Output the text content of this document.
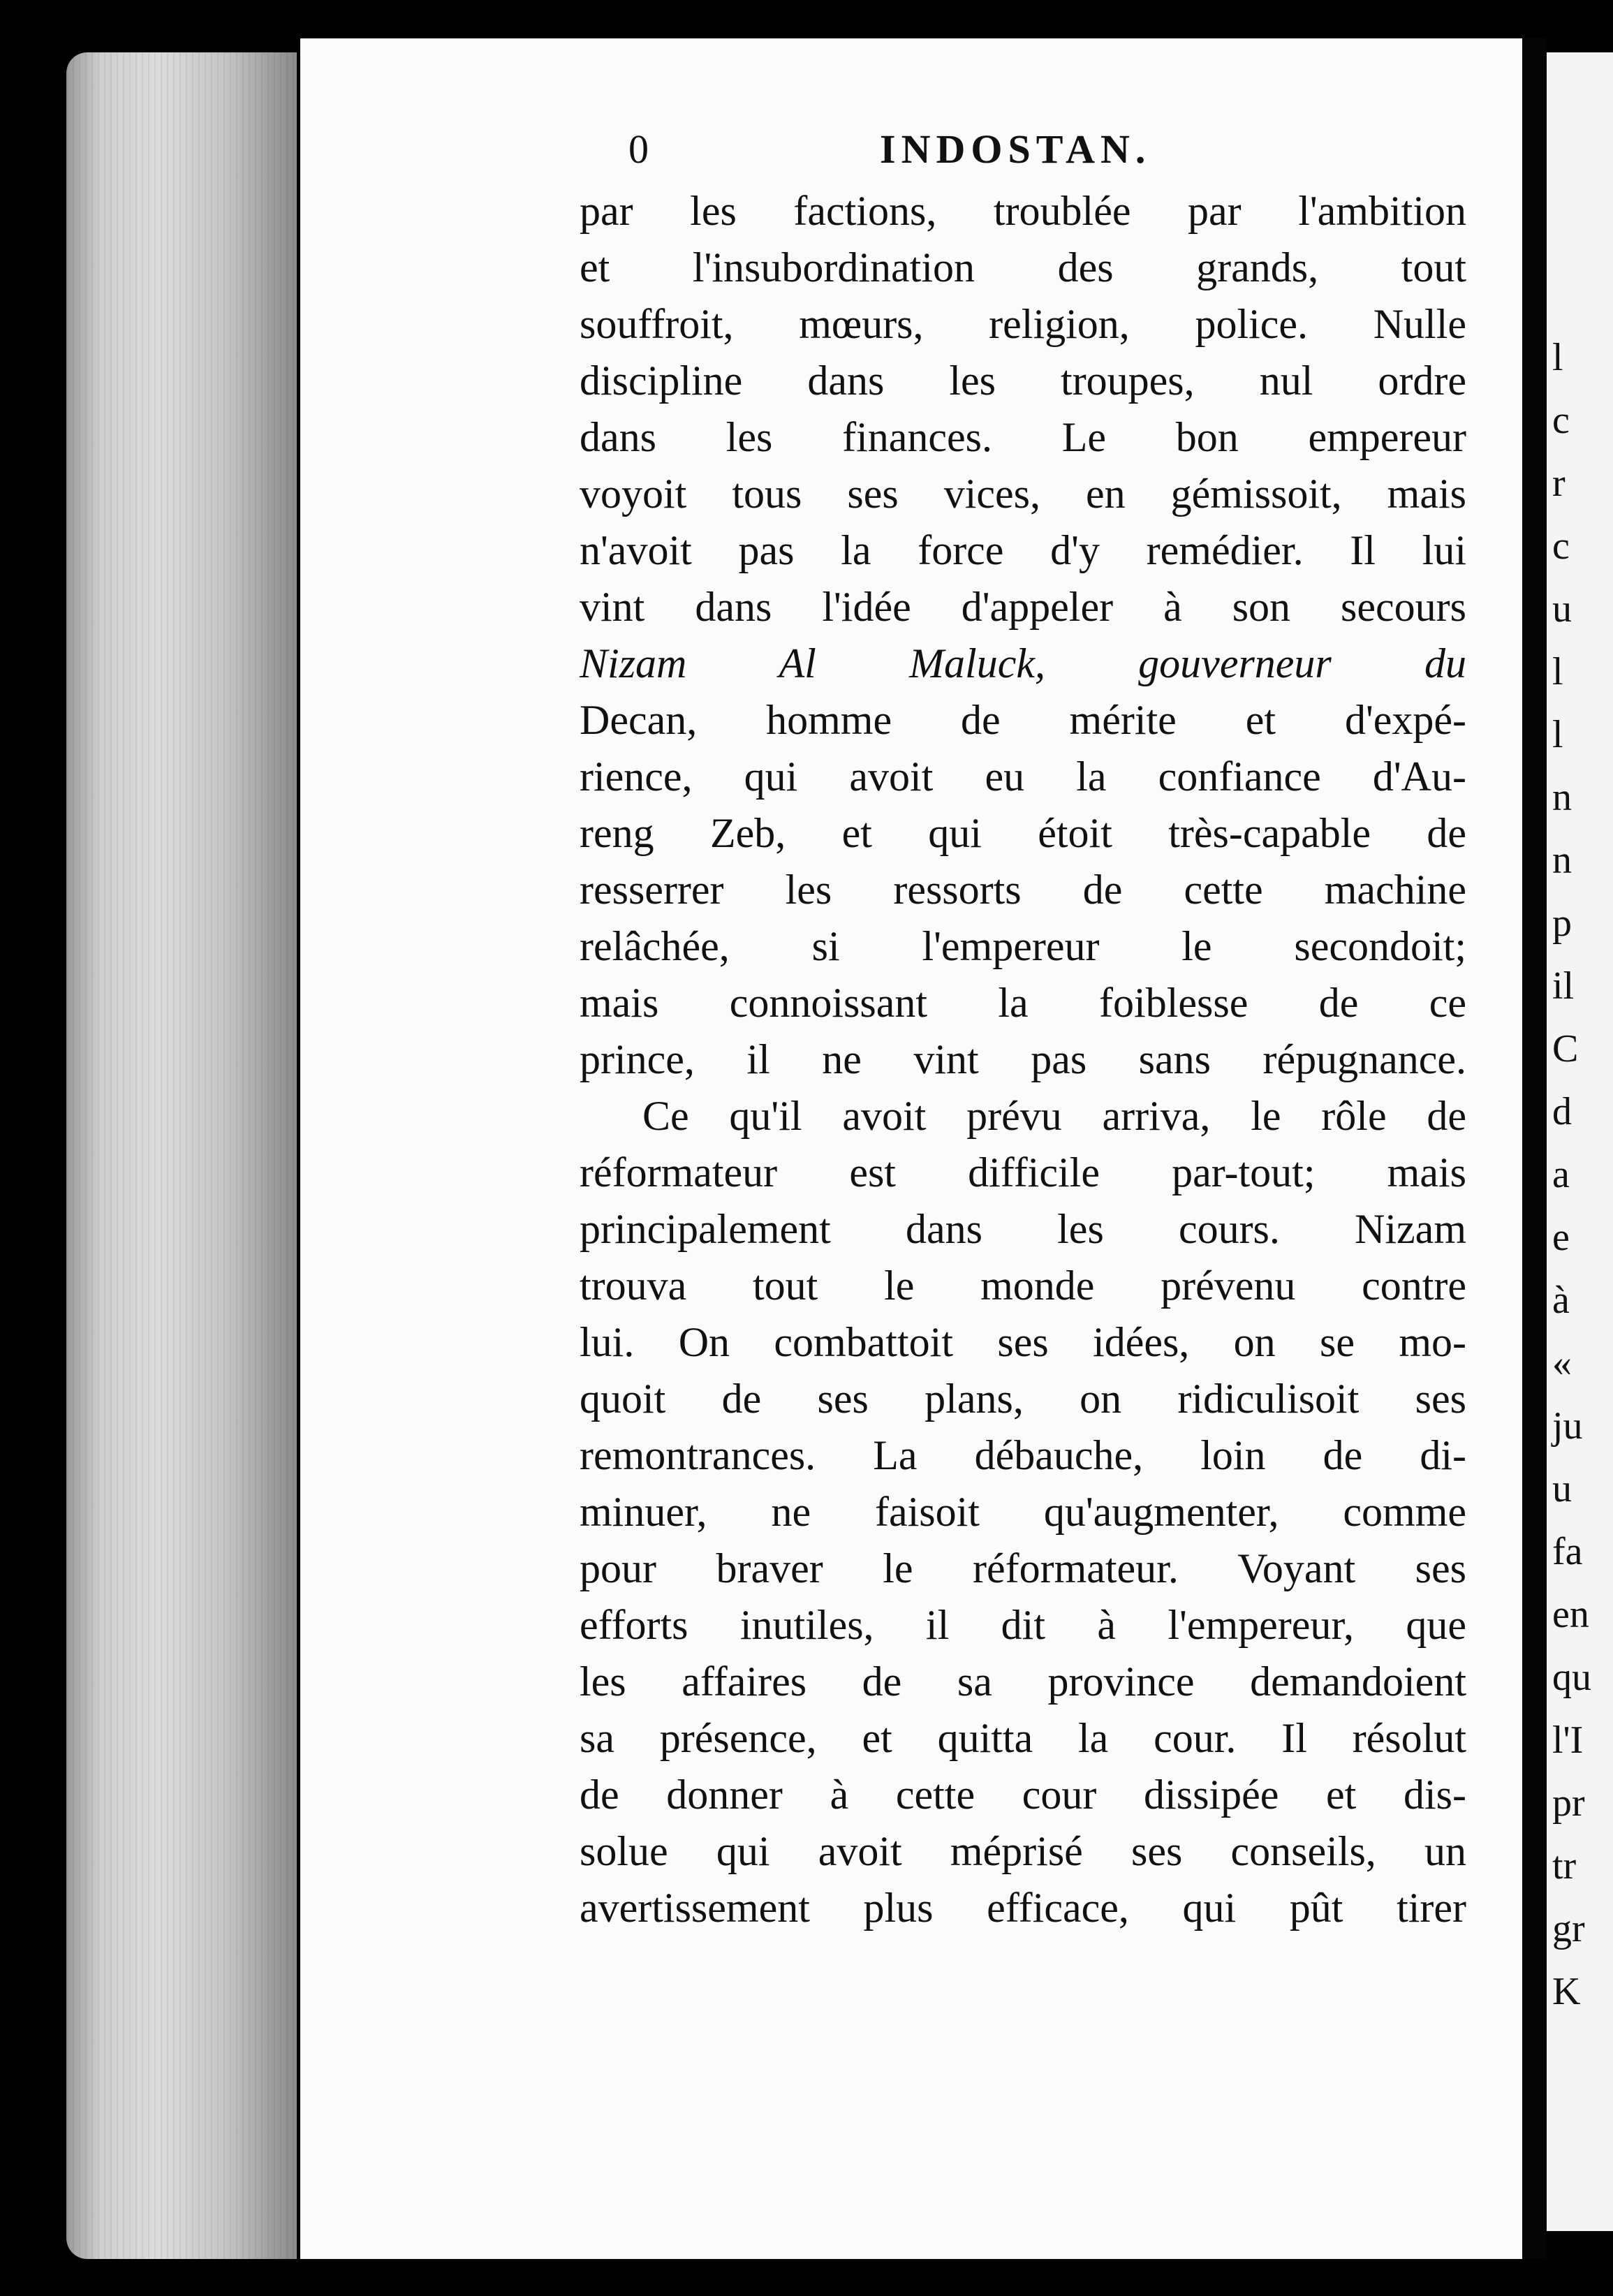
l
c
r
c
u
l
l
n
n
p
il
C
d
a
e
à
«
ju
u
fa
en
qu
l'I
pr
tr
gr
K
0	INDOSTAN.
par les factions, troublée par l'ambition
et l'insubordination des grands, tout
souffroit, mœurs, religion, police. Nulle
discipline dans les troupes, nul ordre
dans les finances. Le bon empereur
voyoit tous ses vices, en gémissoit, mais
n'avoit pas la force d'y remédier. Il lui
vint dans l'idée d'appeler à son secours
Nizam Al Maluck, gouverneur du
Decan, homme de mérite et d'expé-
rience, qui avoit eu la confiance d'Au-
reng Zeb, et qui étoit très-capable de
resserrer les ressorts de cette machine
relâchée, si l'empereur le secondoit;
mais connoissant la foiblesse de ce
prince, il ne vint pas sans répugnance.
Ce qu'il avoit prévu arriva, le rôle de
réformateur est difficile par-tout; mais
principalement dans les cours. Nizam
trouva tout le monde prévenu contre
lui. On combattoit ses idées, on se mo-
quoit de ses plans, on ridiculisoit ses
remontrances. La débauche, loin de di-
minuer, ne faisoit qu'augmenter, comme
pour braver le réformateur. Voyant ses
efforts inutiles, il dit à l'empereur, que
les affaires de sa province demandoient
sa présence, et quitta la cour. Il résolut
de donner à cette cour dissipée et dis-
solue qui avoit méprisé ses conseils, un
avertissement plus efficace, qui pût tirer
